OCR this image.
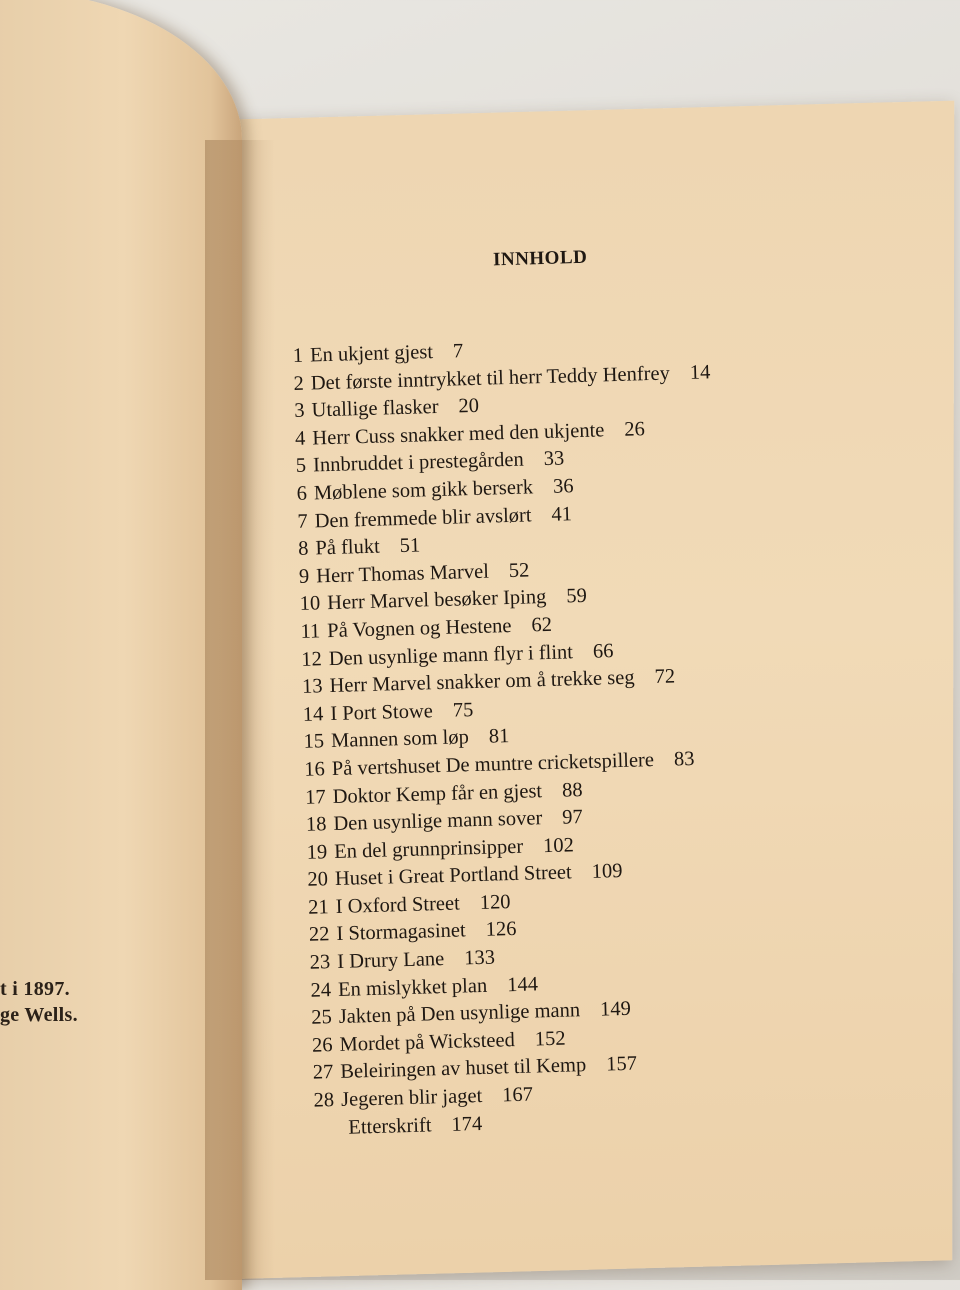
t i 1897.
ge Wells.
INNHOLD
1 En ukjent gjest 7
2 Det første inntrykket til herr Teddy Henfrey 14
3 Utallige flasker 20
4 Herr Cuss snakker med den ukjente 26
5 Innbruddet i prestegården 33
6 Møblene som gikk berserk 36
7 Den fremmede blir avslørt 41
8 På flukt 51
9 Herr Thomas Marvel 52
10 Herr Marvel besøker Iping 59
11 På Vognen og Hestene 62
12 Den usynlige mann flyr i flint 66
13 Herr Marvel snakker om å trekke seg 72
14 I Port Stowe 75
15 Mannen som løp 81
16 På vertshuset De muntre cricketspillere 83
17 Doktor Kemp får en gjest 88
18 Den usynlige mann sover 97
19 En del grunnprinsipper 102
20 Huset i Great Portland Street 109
21 I Oxford Street 120
22 I Stormagasinet 126
23 I Drury Lane 133
24 En mislykket plan 144
25 Jakten på Den usynlige mann 149
26 Mordet på Wicksteed 152
27 Beleiringen av huset til Kemp 157
28 Jegeren blir jaget 167
Etterskrift 174
